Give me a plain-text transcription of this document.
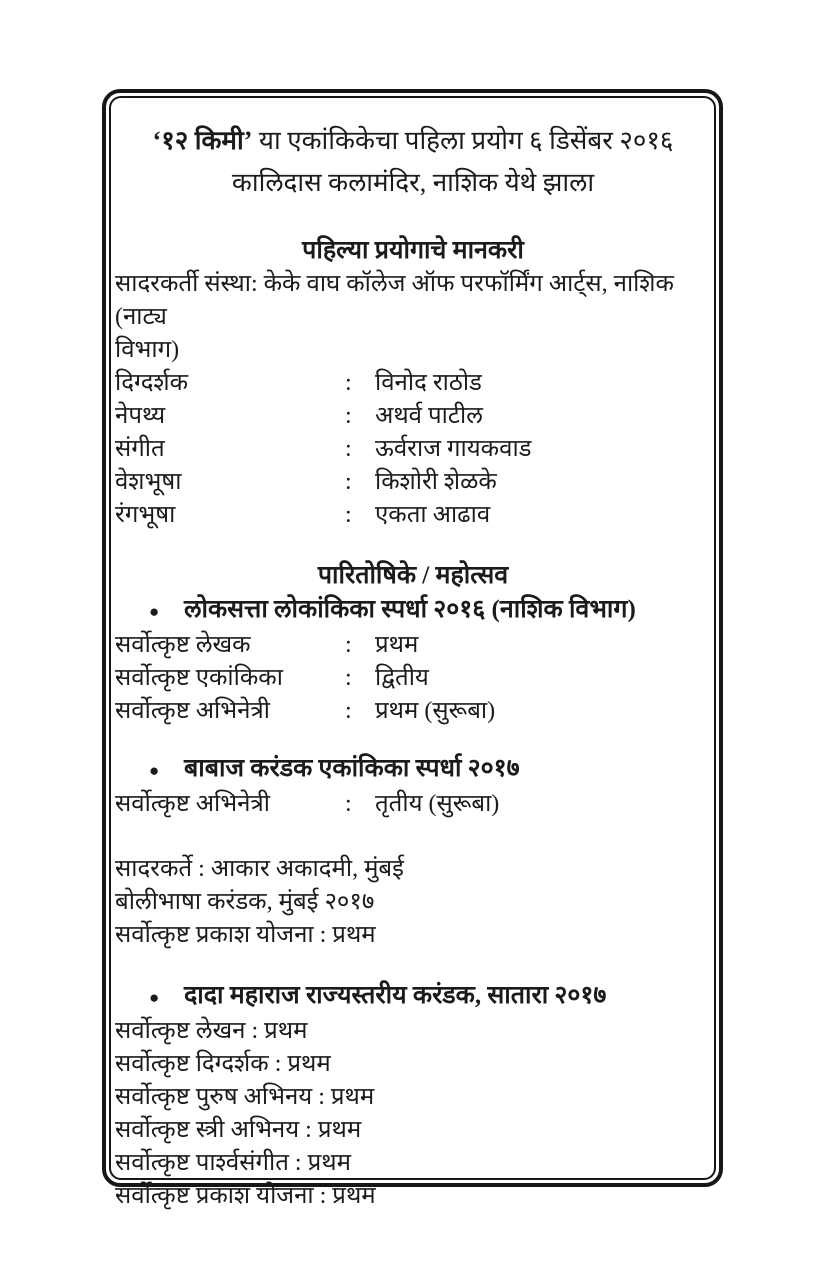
‘१२ किमी’ या एकांकिकेचा पहिला प्रयोग ६ डिसेंबर २०१६
कालिदास कलामंदिर, नाशिक येथे झाला
पहिल्या प्रयोगाचे मानकरी

सादरकर्ती संस्था: केके वाघ कॉलेज ऑफ परफॉर्मिंग आर्ट्स, नाशिक (नाट्य

विभाग)

दिग्दर्शक	: विनोद राठोड
नेपथ्य	: अथर्व पाटील
संगीत	: ऊर्वराज गायकवाड
वेशभूषा	: किशोरी शेळके
रंगभूषा	: एकता आढाव
पारितोषिके / महोत्सव
● लोकसत्ता लोकांकिका स्पर्धा २०१६ (नाशिक विभाग)
सर्वोत्कृष्ट लेखक	: प्रथम
सर्वोत्कृष्ट एकांकिका	: द्वितीय
सर्वोत्कृष्ट अभिनेत्री	: प्रथम (सुरूबा)
● बाबाज करंडक एकांकिका स्पर्धा २०१७
सर्वोत्कृष्ट अभिनेत्री	: तृतीय (सुरूबा)

सादरकर्ते : आकार अकादमी, मुंबई

बोलीभाषा करंडक, मुंबई २०१७

सर्वोत्कृष्ट प्रकाश योजना : प्रथम

● दादा महाराज राज्यस्तरीय करंडक, सातारा २०१७

सर्वोत्कृष्ट लेखन : प्रथम

सर्वोत्कृष्ट दिग्दर्शक : प्रथम

सर्वोत्कृष्ट पुरुष अभिनय : प्रथम

सर्वोत्कृष्ट स्त्री अभिनय : प्रथम

सर्वोत्कृष्ट पार्श्वसंगीत : प्रथम

सर्वोत्कृष्ट प्रकाश योजना : प्रथम
